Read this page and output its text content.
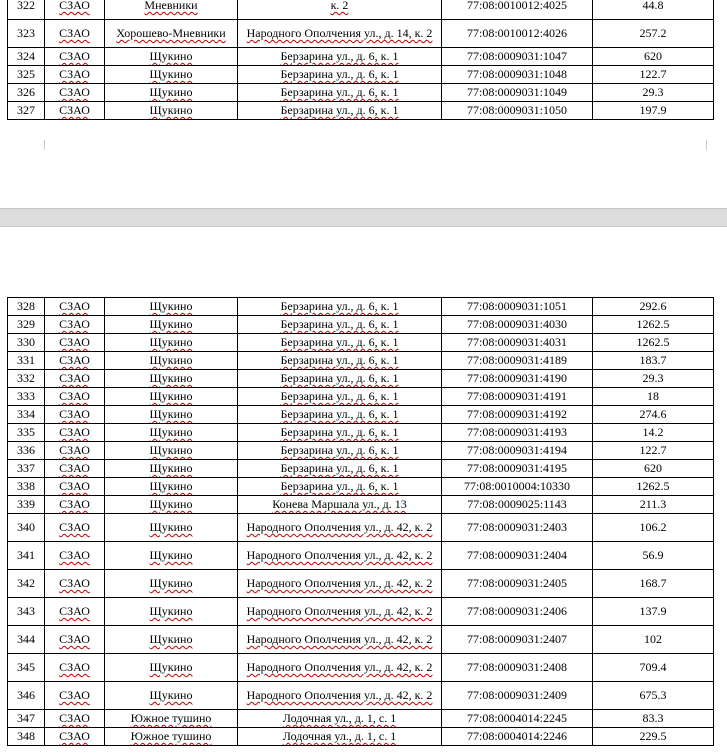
322	СЗАО	Мневники	к. 2	77:08:0010012:4025	44.8
323	СЗАО	Хорошево-Мневники	Народного Ополчения ул., д. 14, к. 2	77:08:0010012:4026	257.2
324	СЗАО	Щукино	Берзарина ул., д. 6, к. 1	77:08:0009031:1047	620
325	СЗАО	Щукино	Берзарина ул., д. 6, к. 1	77:08:0009031:1048	122.7
326	СЗАО	Щукино	Берзарина ул., д. 6, к. 1	77:08:0009031:1049	29.3
327	СЗАО	Щукино	Берзарина ул., д. 6, к. 1	77:08:0009031:1050	197.9
328	СЗАО	Щукино	Берзарина ул., д. 6, к. 1	77:08:0009031:1051	292.6
329	СЗАО	Щукино	Берзарина ул., д. 6, к. 1	77:08:0009031:4030	1262.5
330	СЗАО	Щукино	Берзарина ул., д. 6, к. 1	77:08:0009031:4031	1262.5
331	СЗАО	Щукино	Берзарина ул., д. 6, к. 1	77:08:0009031:4189	183.7
332	СЗАО	Щукино	Берзарина ул., д. 6, к. 1	77:08:0009031:4190	29.3
333	СЗАО	Щукино	Берзарина ул., д. 6, к. 1	77:08:0009031:4191	18
334	СЗАО	Щукино	Берзарина ул., д. 6, к. 1	77:08:0009031:4192	274.6
335	СЗАО	Щукино	Берзарина ул., д. 6, к. 1	77:08:0009031:4193	14.2
336	СЗАО	Щукино	Берзарина ул., д. 6, к. 1	77:08:0009031:4194	122.7
337	СЗАО	Щукино	Берзарина ул., д. 6, к. 1	77:08:0009031:4195	620
338	СЗАО	Щукино	Берзарина ул., д. 6, к. 1	77:08:0010004:10330	1262.5
339	СЗАО	Щукино	Конева Маршала ул., д. 13	77:08:0009025:1143	211.3
340	СЗАО	Щукино	Народного Ополчения ул., д. 42, к. 2	77:08:0009031:2403	106.2
341	СЗАО	Щукино	Народного Ополчения ул., д. 42, к. 2	77:08:0009031:2404	56.9
342	СЗАО	Щукино	Народного Ополчения ул., д. 42, к. 2	77:08:0009031:2405	168.7
343	СЗАО	Щукино	Народного Ополчения ул., д. 42, к. 2	77:08:0009031:2406	137.9
344	СЗАО	Щукино	Народного Ополчения ул., д. 42, к. 2	77:08:0009031:2407	102
345	СЗАО	Щукино	Народного Ополчения ул., д. 42, к. 2	77:08:0009031:2408	709.4
346	СЗАО	Щукино	Народного Ополчения ул., д. 42, к. 2	77:08:0009031:2409	675.3
347	СЗАО	Южное тушино	Лодочная ул., д. 1, с. 1	77:08:0004014:2245	83.3
348	СЗАО	Южное тушино	Лодочная ул., д. 1, с. 1	77:08:0004014:2246	229.5
